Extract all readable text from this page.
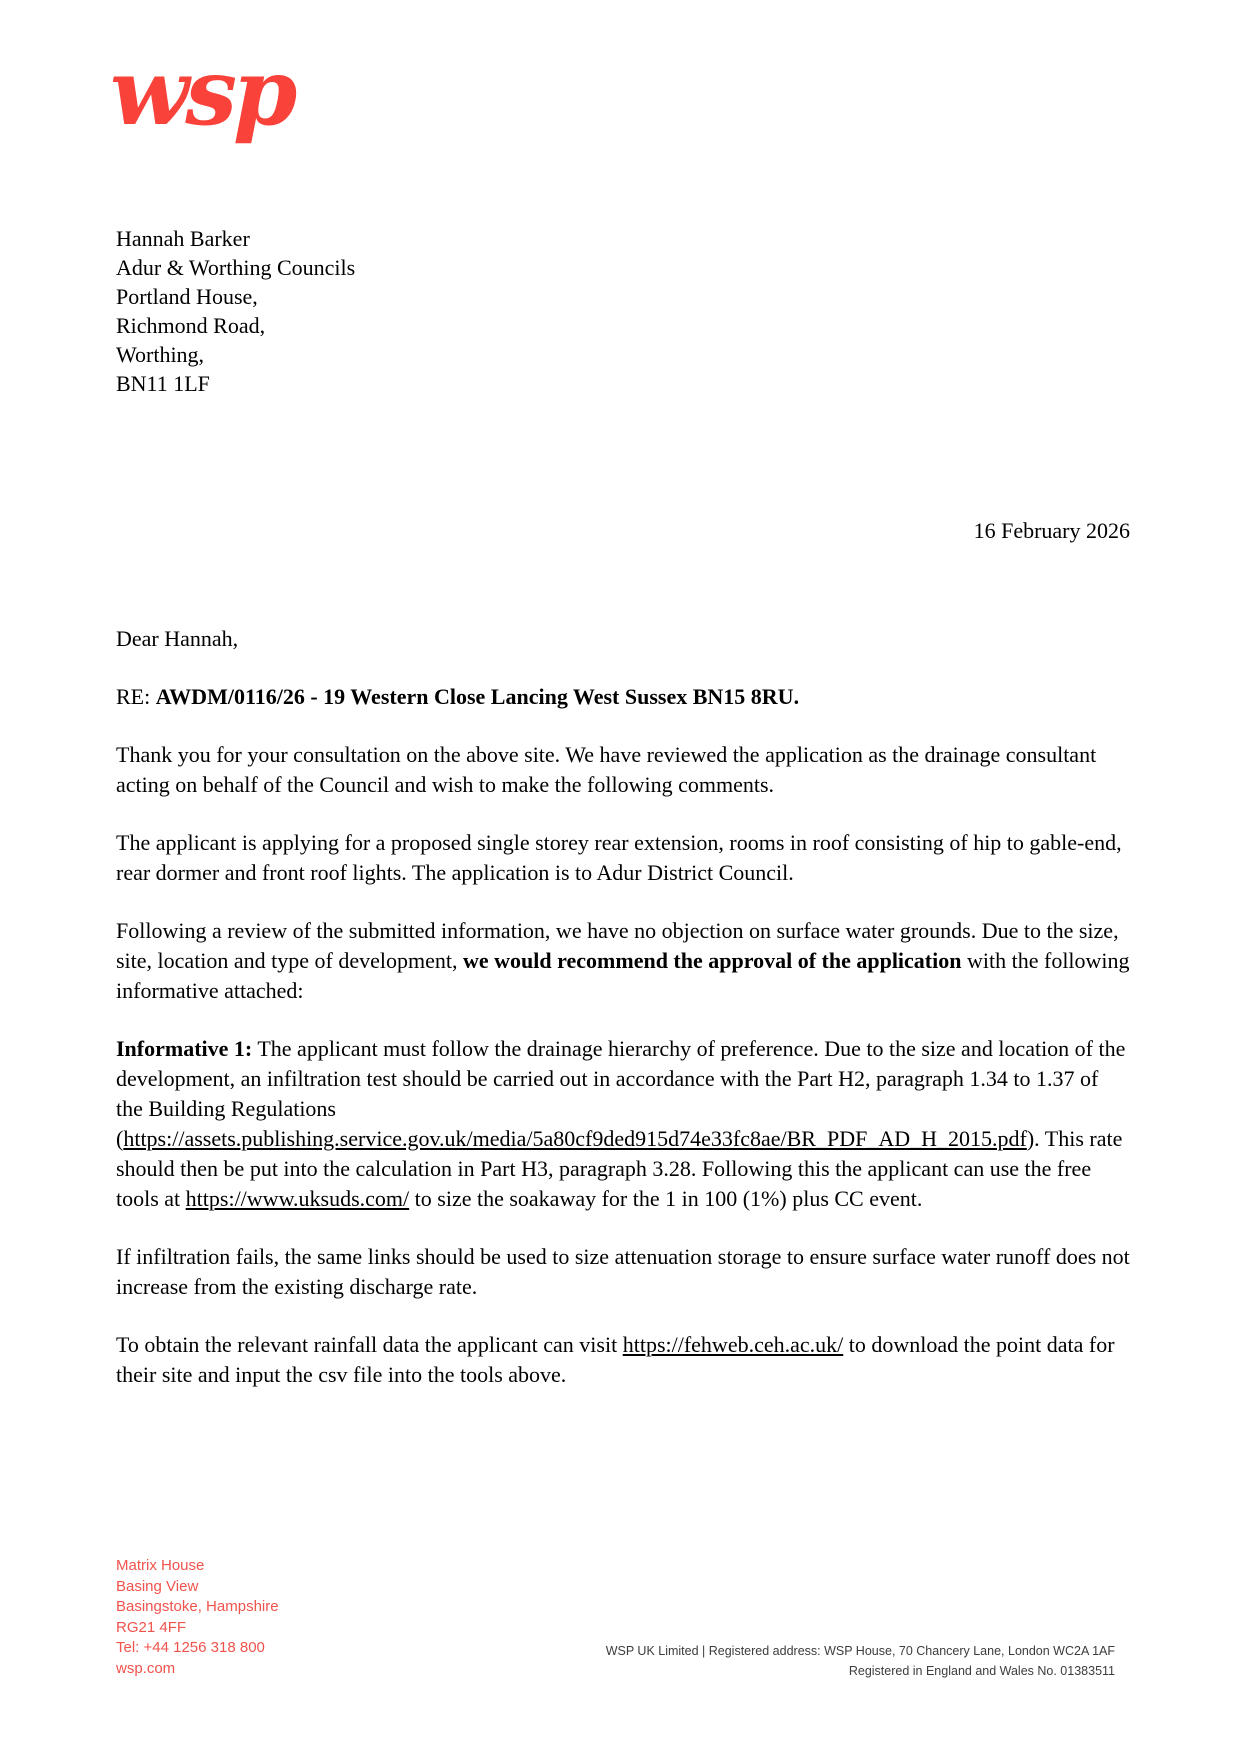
wsp
Hannah Barker
Adur & Worthing Councils
Portland House,
Richmond Road,
Worthing,
BN11 1LF
16 February 2026

Dear Hannah,

RE: AWDM/0116/26 - 19 Western Close Lancing West Sussex BN15 8RU.

Thank you for your consultation on the above site. We have reviewed the application as the drainage consultant acting on behalf of the Council and wish to make the following comments.

The applicant is applying for a proposed single storey rear extension, rooms in roof consisting of hip to gable-end, rear dormer and front roof lights. The application is to Adur District Council.

Following a review of the submitted information, we have no objection on surface water grounds. Due to the size, site, location and type of development, we would recommend the approval of the application with the following informative attached:

Informative 1: The applicant must follow the drainage hierarchy of preference. Due to the size and location of the development, an infiltration test should be carried out in accordance with the Part H2, paragraph 1.34 to 1.37 of the Building Regulations (https://assets.publishing.service.gov.uk/media/5a80cf9ded915d74e33fc8ae/BR_PDF_AD_H_2015.pdf). This rate should then be put into the calculation in Part H3, paragraph 3.28. Following this the applicant can use the free tools at https://www.uksuds.com/ to size the soakaway for the 1 in 100 (1%) plus CC event.

If infiltration fails, the same links should be used to size attenuation storage to ensure surface water runoff does not increase from the existing discharge rate.

To obtain the relevant rainfall data the applicant can visit https://fehweb.ceh.ac.uk/ to download the point data for their site and input the csv file into the tools above.

Matrix House
Basing View
Basingstoke, Hampshire
RG21 4FF
Tel: +44 1256 318 800
wsp.com
WSP UK Limited | Registered address: WSP House, 70 Chancery Lane, London WC2A 1AF
Registered in England and Wales No. 01383511
